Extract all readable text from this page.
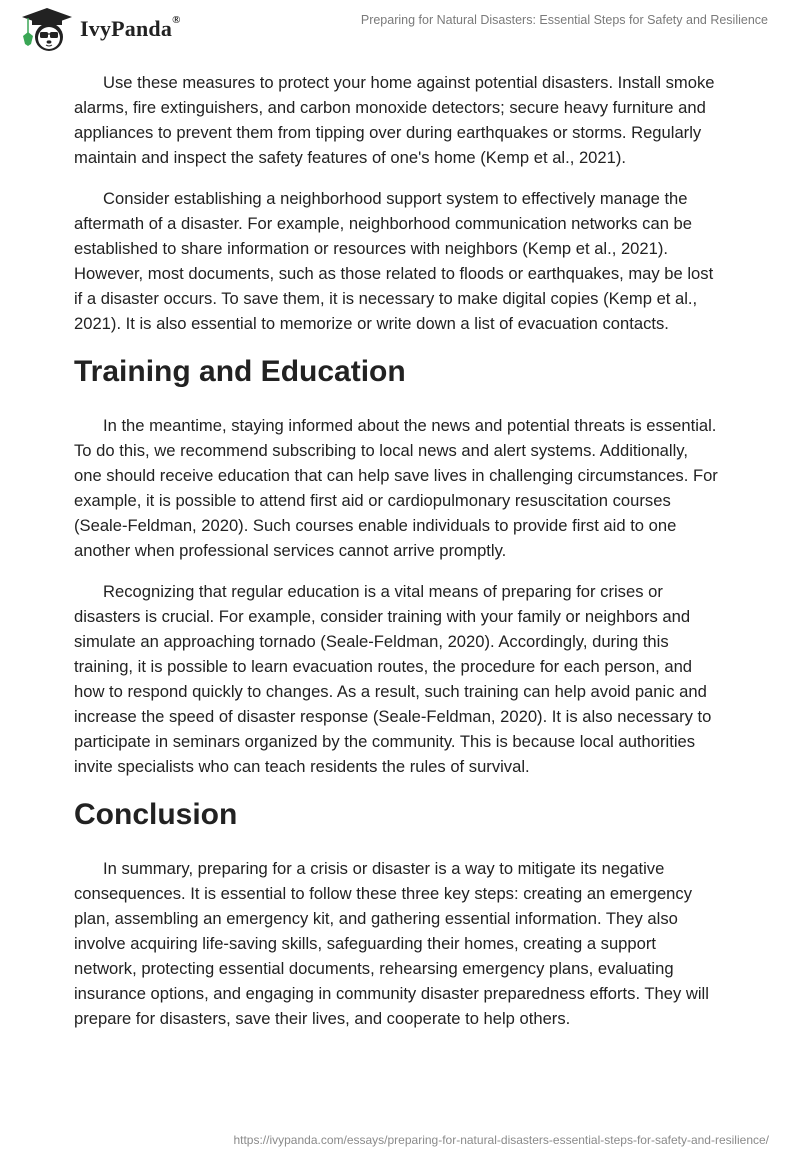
IvyPanda®	Preparing for Natural Disasters: Essential Steps for Safety and Resilience
Use these measures to protect your home against potential disasters. Install smoke
alarms, fire extinguishers, and carbon monoxide detectors; secure heavy furniture and
appliances to prevent them from tipping over during earthquakes or storms. Regularly
maintain and inspect the safety features of one's home (Kemp et al., 2021).
Consider establishing a neighborhood support system to effectively manage the
aftermath of a disaster. For example, neighborhood communication networks can be
established to share information or resources with neighbors (Kemp et al., 2021).
However, most documents, such as those related to floods or earthquakes, may be lost
if a disaster occurs. To save them, it is necessary to make digital copies (Kemp et al.,
2021). It is also essential to memorize or write down a list of evacuation contacts.
Training and Education
In the meantime, staying informed about the news and potential threats is essential.
To do this, we recommend subscribing to local news and alert systems. Additionally,
one should receive education that can help save lives in challenging circumstances. For
example, it is possible to attend first aid or cardiopulmonary resuscitation courses
(Seale-Feldman, 2020). Such courses enable individuals to provide first aid to one
another when professional services cannot arrive promptly.
Recognizing that regular education is a vital means of preparing for crises or
disasters is crucial. For example, consider training with your family or neighbors and
simulate an approaching tornado (Seale-Feldman, 2020). Accordingly, during this
training, it is possible to learn evacuation routes, the procedure for each person, and
how to respond quickly to changes. As a result, such training can help avoid panic and
increase the speed of disaster response (Seale-Feldman, 2020). It is also necessary to
participate in seminars organized by the community. This is because local authorities
invite specialists who can teach residents the rules of survival.
Conclusion
In summary, preparing for a crisis or disaster is a way to mitigate its negative
consequences. It is essential to follow these three key steps: creating an emergency
plan, assembling an emergency kit, and gathering essential information. They also
involve acquiring life-saving skills, safeguarding their homes, creating a support
network, protecting essential documents, rehearsing emergency plans, evaluating
insurance options, and engaging in community disaster preparedness efforts. They will
prepare for disasters, save their lives, and cooperate to help others.
https://ivypanda.com/essays/preparing-for-natural-disasters-essential-steps-for-safety-and-resilience/
